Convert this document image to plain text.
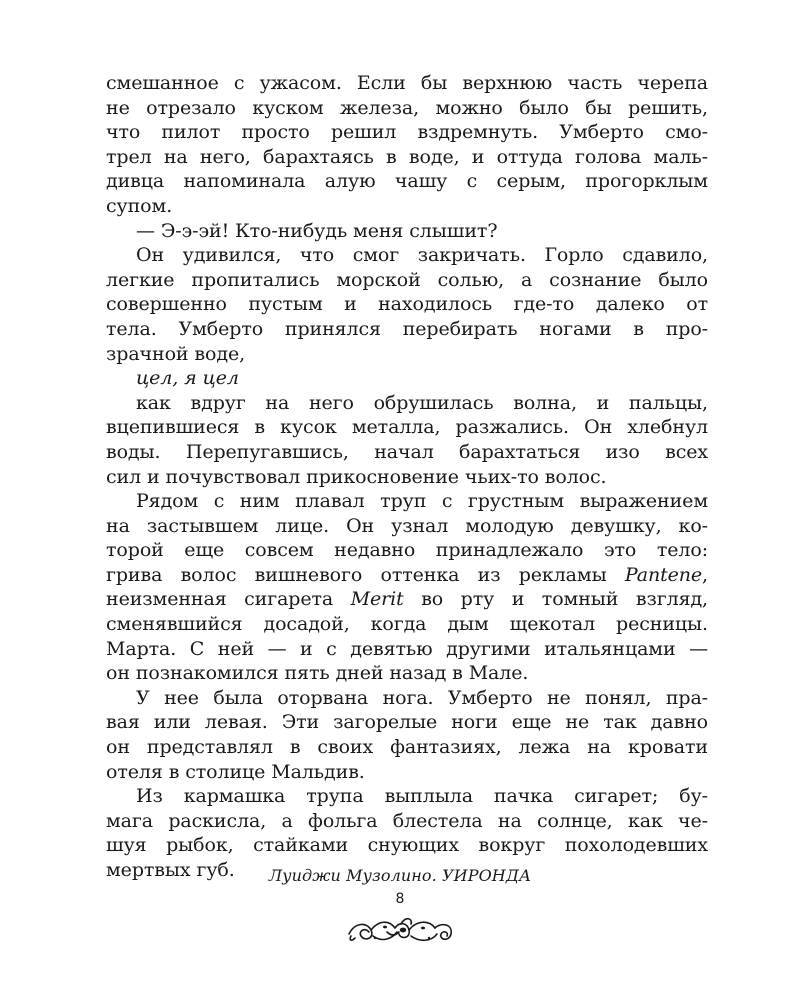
смешанное с ужасом. Если бы верхнюю часть черепа
не отрезало куском железа, можно было бы решить,
что пилот просто решил вздремнуть. Умберто смо-
трел на него, барахтаясь в воде, и оттуда голова маль-
дивца напоминала алую чашу с серым, прогорклым
супом.
— Э-э-эй! Кто-нибудь меня слышит?
Он удивился, что смог закричать. Горло сдавило,
легкие пропитались морской солью, а сознание было
совершенно пустым и находилось где-то далеко от
тела. Умберто принялся перебирать ногами в про-
зрачной воде,
цел, я цел
как вдруг на него обрушилась волна, и пальцы,
вцепившиеся в кусок металла, разжались. Он хлебнул
воды. Перепугавшись, начал барахтаться изо всех
сил и почувствовал прикосновение чьих-то волос.
Рядом с ним плавал труп с грустным выражением
на застывшем лице. Он узнал молодую девушку, ко-
торой еще совсем недавно принадлежало это тело:
грива волос вишневого оттенка из рекламы Pantene,
неизменная сигарета Merit во рту и томный взгляд,
сменявшийся досадой, когда дым щекотал ресницы.
Марта. С ней — и с девятью другими итальянцами —
он познакомился пять дней назад в Мале.
У нее была оторвана нога. Умберто не понял, пра-
вая или левая. Эти загорелые ноги еще не так давно
он представлял в своих фантазиях, лежа на кровати
отеля в столице Мальдив.
Из кармашка трупа выплыла пачка сигарет; бу-
мага раскисла, а фольга блестела на солнце, как че-
шуя рыбок, стайками снующих вокруг похолодевших
мертвых губ.	Луиджи Музолино. УИРОНДА
8
